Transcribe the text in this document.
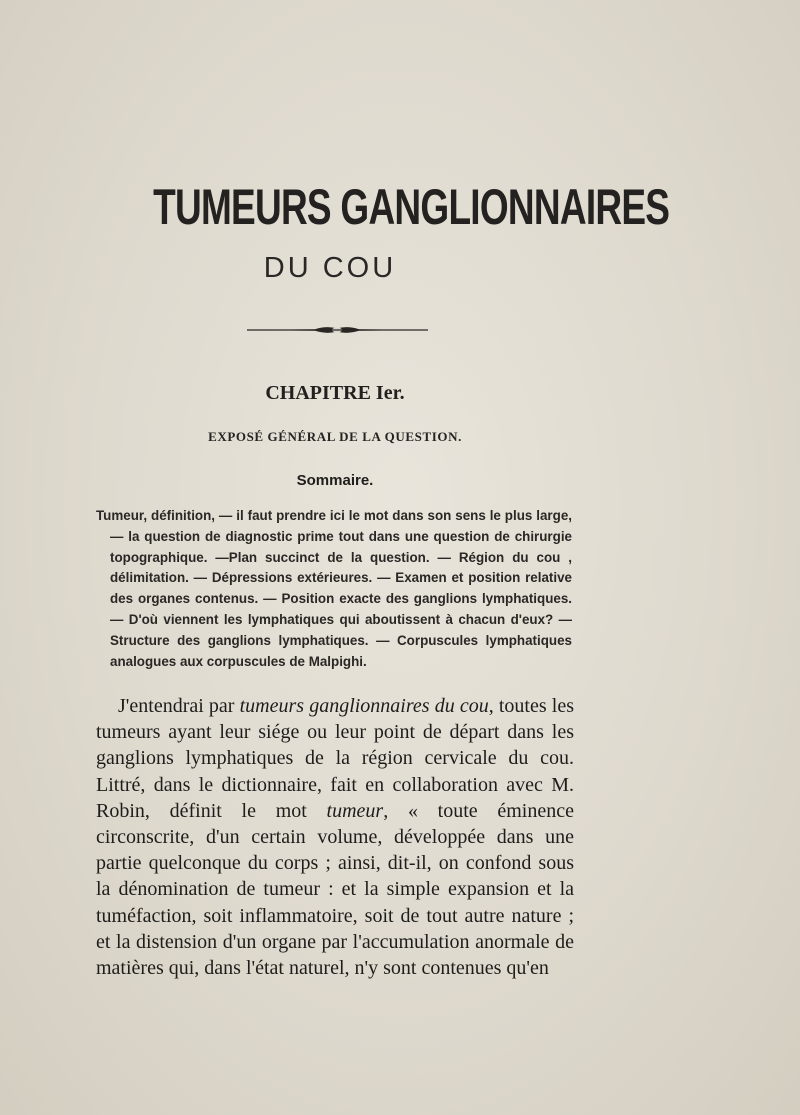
TUMEURS GANGLIONNAIRES
DU COU
CHAPITRE Ier.
EXPOSÉ GÉNÉRAL DE LA QUESTION.
Sommaire.
Tumeur, définition, — il faut prendre ici le mot dans son sens le plus large, — la question de diagnostic prime tout dans une question de chirurgie topographique. —Plan succinct de la question. — Région du cou , délimitation. — Dépressions extérieures. — Examen et position relative des organes contenus. — Position exacte des ganglions lymphatiques. — D'où viennent les lymphatiques qui aboutissent à chacun d'eux? — Structure des ganglions lymphatiques. — Corpuscules lymphatiques analogues aux corpuscules de Malpighi.

J'entendrai par tumeurs ganglionnaires du cou, toutes les tumeurs ayant leur siége ou leur point de départ dans les ganglions lymphatiques de la région cervicale du cou. Littré, dans le dictionnaire, fait en collaboration avec M. Robin, définit le mot tumeur, « toute éminence circonscrite, d'un certain volume, développée dans une partie quelconque du corps ; ainsi, dit-il, on confond sous la dénomination de tumeur : et la simple expansion et la tuméfaction, soit inflammatoire, soit de tout autre nature ; et la distension d'un organe par l'accumulation anormale de matières qui, dans l'état naturel, n'y sont contenues qu'en
